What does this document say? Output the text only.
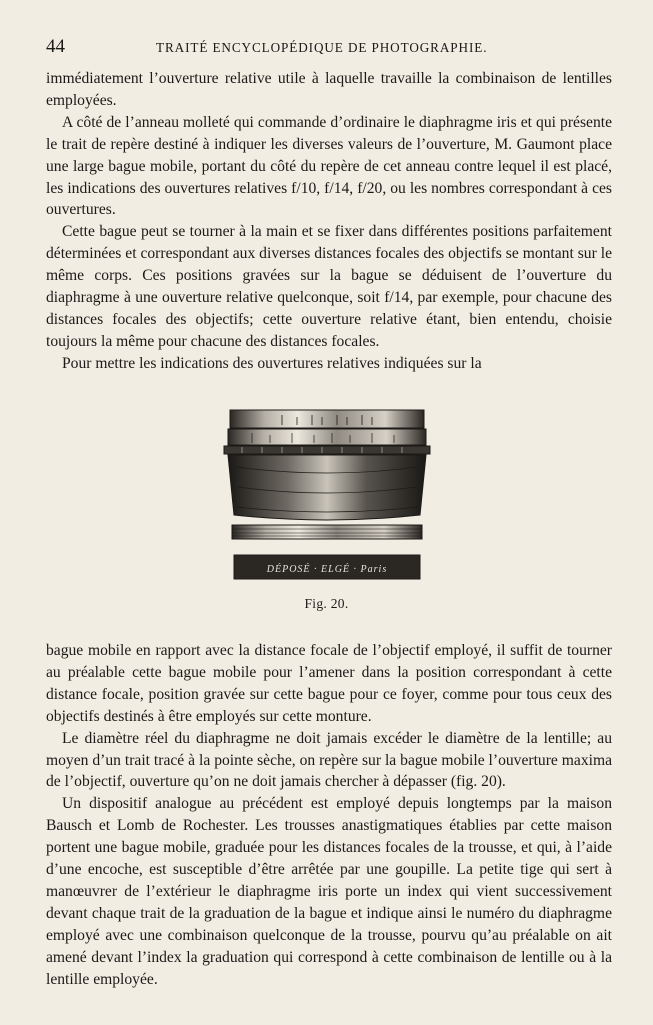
44	TRAITÉ ENCYCLOPÉDIQUE DE PHOTOGRAPHIE.

immédiatement l’ouverture relative utile à laquelle travaille la combinaison de lentilles employées.

A côté de l’anneau molleté qui commande d’ordinaire le diaphragme iris et qui présente le trait de repère destiné à indiquer les diverses valeurs de l’ouverture, M. Gaumont place une large bague mobile, portant du côté du repère de cet anneau contre lequel il est placé, les indications des ouvertures relatives f/10, f/14, f/20, ou les nombres correspondant à ces ouvertures.

Cette bague peut se tourner à la main et se fixer dans différentes positions parfaitement déterminées et correspondant aux diverses distances focales des objectifs se montant sur le même corps. Ces positions gravées sur la bague se déduisent de l’ouverture du diaphragme à une ouverture relative quelconque, soit f/14, par exemple, pour chacune des distances focales des objectifs; cette ouverture relative étant, bien entendu, choisie toujours la même pour chacune des distances focales.

Pour mettre les indications des ouvertures relatives indiquées sur la

DÉPOSÉ · ELGÉ · Paris
Fig. 20.

bague mobile en rapport avec la distance focale de l’objectif employé, il suffit de tourner au préalable cette bague mobile pour l’amener dans la position correspondant à cette distance focale, position gravée sur cette bague pour ce foyer, comme pour tous ceux des objectifs destinés à être employés sur cette monture.

Le diamètre réel du diaphragme ne doit jamais excéder le diamètre de la lentille; au moyen d’un trait tracé à la pointe sèche, on repère sur la bague mobile l’ouverture maxima de l’objectif, ouverture qu’on ne doit jamais chercher à dépasser (fig. 20).

Un dispositif analogue au précédent est employé depuis longtemps par la maison Bausch et Lomb de Rochester. Les trousses anastigmatiques établies par cette maison portent une bague mobile, graduée pour les distances focales de la trousse, et qui, à l’aide d’une encoche, est susceptible d’être arrêtée par une goupille. La petite tige qui sert à manœuvrer de l’extérieur le diaphragme iris porte un index qui vient successivement devant chaque trait de la graduation de la bague et indique ainsi le numéro du diaphragme employé avec une combinaison quelconque de la trousse, pourvu qu’au préalable on ait amené devant l’index la graduation qui correspond à cette combinaison de lentille ou à la lentille employée.
